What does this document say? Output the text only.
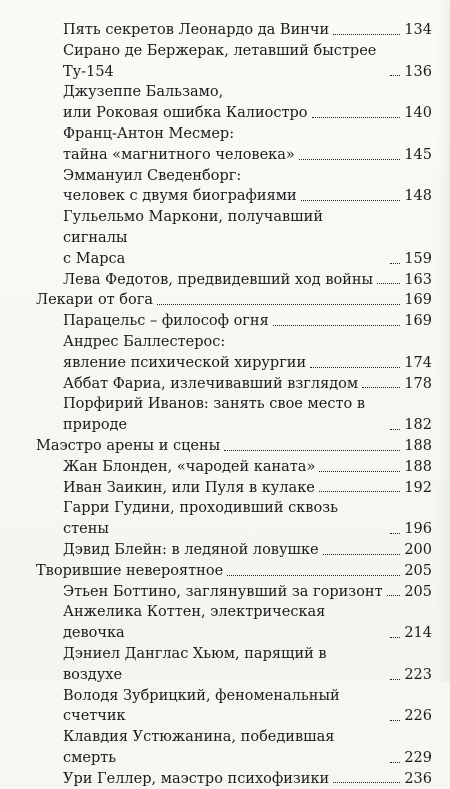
Пять секретов Леонардо да Винчи	134
Сирано де Бержерак, летавший быстрее Ту-154	136
Джузеппе Бальзамо,
или Роковая ошибка Калиостро	140
Франц-Антон Месмер:
тайна «магнитного человека»	145
Эммануил Сведенборг:
человек с двумя биографиями	148
Гульельмо Маркони, получавший сигналы
с Марса	159
Лева Федотов, предвидевший ход войны 163
Лекари от бога	169
Парацельс – философ огня	169
Андрес Баллестерос:
явление психической хирургии	174
Аббат Фариа, излечивавший взглядом	178
Порфирий Иванов: занять свое место в природе	182
Маэстро арены и сцены	188
Жан Блонден, «чародей каната»	188
Иван Заикин, или Пуля в кулаке	192
Гарри Гудини, проходивший сквозь стены	196
Дэвид Блейн: в ледяной ловушке	200
Творившие невероятное	205
Этьен Боттино, заглянувший за горизонт 205
Анжелика Коттен, электрическая девочка	214
Дэниел Данглас Хьюм, парящий в воздухе	223
Володя Зубрицкий, феноменальный счетчик	226
Клавдия Устюжанина, победившая смерть	229
Ури Геллер, маэстро психофизики	236
